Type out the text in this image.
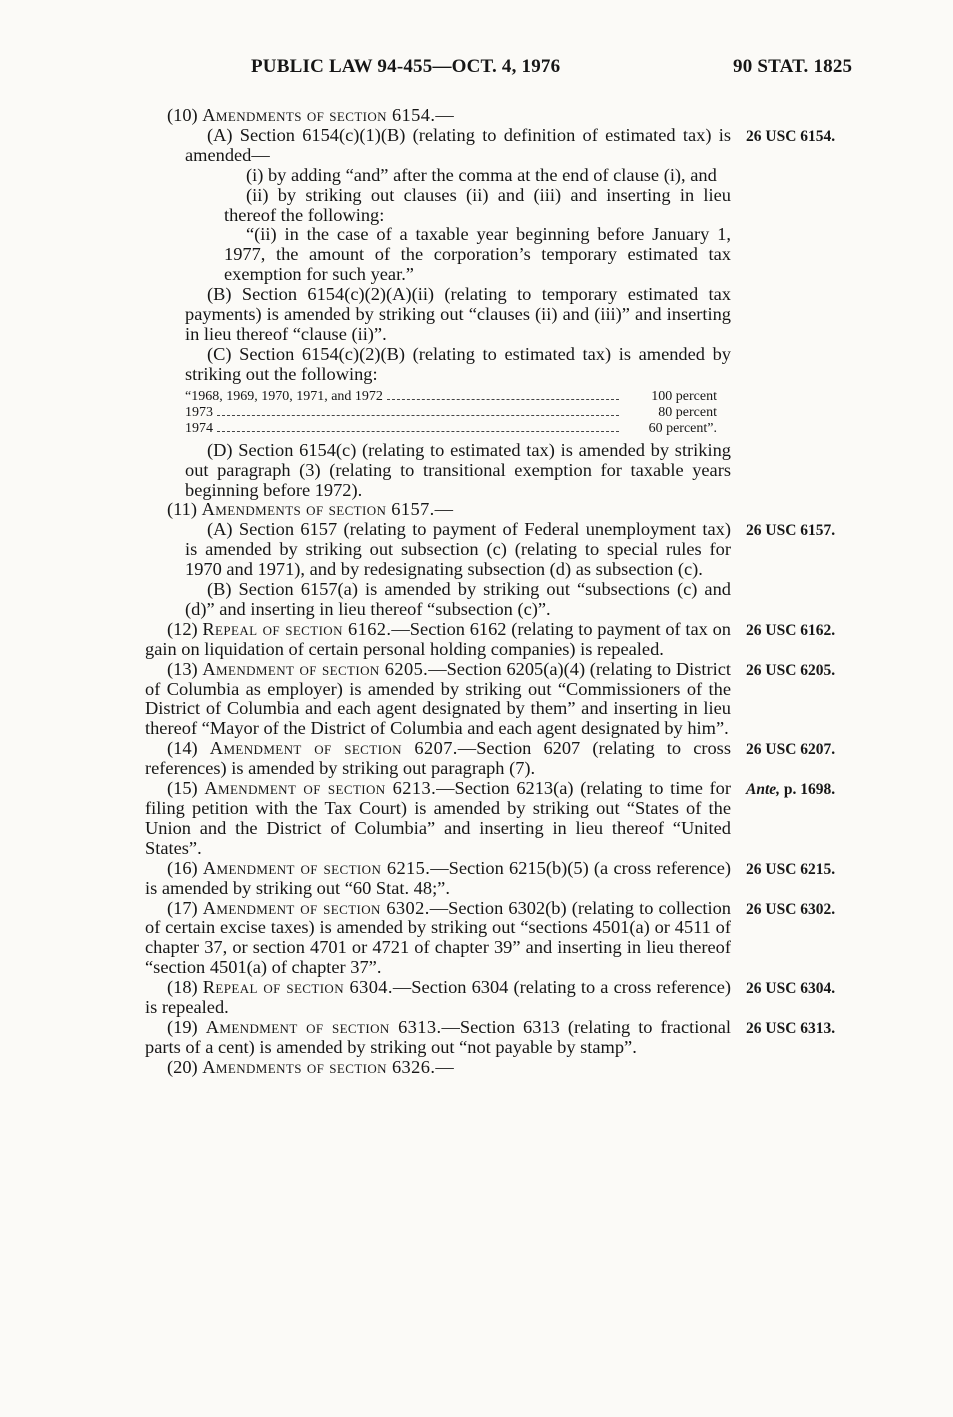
PUBLIC LAW 94-455—OCT. 4, 1976	90 STAT. 1825

(10) Amendments of section 6154.—

(A) Section 6154(c)(1)(B) (relating to definition of estimated tax) is amended—

(i) by adding “and” after the comma at the end of clause (i), and

(ii) by striking out clauses (ii) and (iii) and inserting in lieu thereof the following:

“(ii) in the case of a taxable year beginning before January 1, 1977, the amount of the corporation’s temporary estimated tax exemption for such year.”

(B) Section 6154(c)(2)(A)(ii) (relating to temporary estimated tax payments) is amended by striking out “clauses (ii) and (iii)” and inserting in lieu thereof “clause (ii)”.

(C) Section 6154(c)(2)(B) (relating to estimated tax) is amended by striking out the following:

“1968, 1969, 1970, 1971, and 1972	100 percent
1973	80 percent
1974	60 percent”.

(D) Section 6154(c) (relating to estimated tax) is amended by striking out paragraph (3) (relating to transitional exemption for taxable years beginning before 1972).

(11) Amendments of section 6157.—

(A) Section 6157 (relating to payment of Federal unemployment tax) is amended by striking out subsection (c) (relating to special rules for 1970 and 1971), and by redesignating subsection (d) as subsection (c).

(B) Section 6157(a) is amended by striking out “subsections (c) and (d)” and inserting in lieu thereof “subsection (c)”.

(12) Repeal of section 6162.—Section 6162 (relating to payment of tax on gain on liquidation of certain personal holding companies) is repealed.

(13) Amendment of section 6205.—Section 6205(a)(4) (relating to District of Columbia as employer) is amended by striking out “Commissioners of the District of Columbia and each agent designated by them” and inserting in lieu thereof “Mayor of the District of Columbia and each agent designated by him”.

(14) Amendment of section 6207.—Section 6207 (relating to cross references) is amended by striking out paragraph (7).

(15) Amendment of section 6213.—Section 6213(a) (relating to time for filing petition with the Tax Court) is amended by striking out “States of the Union and the District of Columbia” and inserting in lieu thereof “United States”.

(16) Amendment of section 6215.—Section 6215(b)(5) (a cross reference) is amended by striking out “60 Stat. 48;”.

(17) Amendment of section 6302.—Section 6302(b) (relating to collection of certain excise taxes) is amended by striking out “sections 4501(a) or 4511 of chapter 37, or section 4701 or 4721 of chapter 39” and inserting in lieu thereof “section 4501(a) of chapter 37”.

(18) Repeal of section 6304.—Section 6304 (relating to a cross reference) is repealed.

(19) Amendment of section 6313.—Section 6313 (relating to fractional parts of a cent) is amended by striking out “not payable by stamp”.

(20) Amendments of section 6326.—

26 USC 6154.
26 USC 6157.
26 USC 6162.
26 USC 6205.
26 USC 6207.
Ante, p. 1698.
26 USC 6215.
26 USC 6302.
26 USC 6304.
26 USC 6313.
